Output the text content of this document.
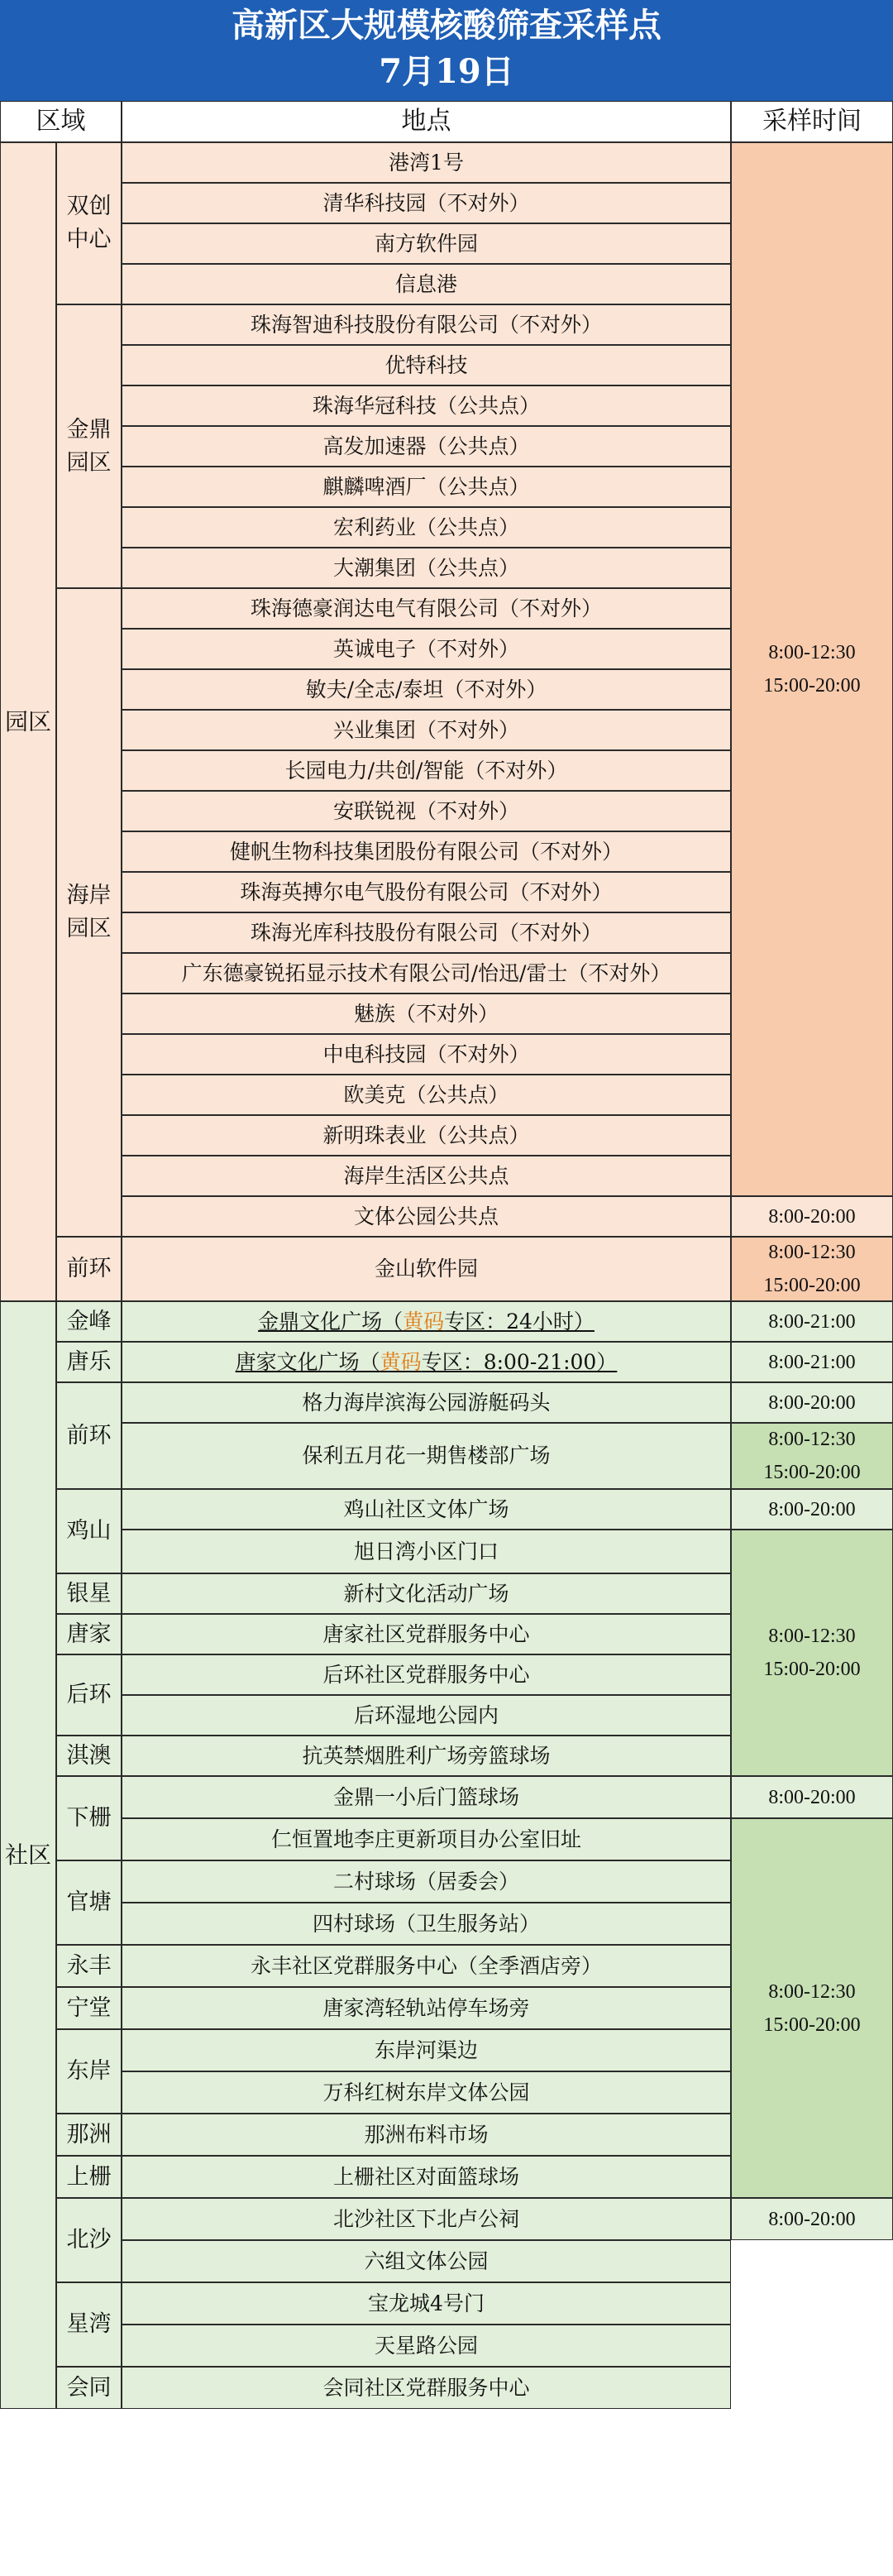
高新区大规模核酸筛查采样点
7月19日
区域	地点	采样时间
港湾1号
清华科技园（不对外）
南方软件园
信息港
双创中心
珠海智迪科技股份有限公司（不对外）
优特科技
珠海华冠科技（公共点）
高发加速器（公共点）
麒麟啤酒厂（公共点）
宏利药业（公共点）
大潮集团（公共点）
金鼎园区
珠海德豪润达电气有限公司（不对外）
英诚电子（不对外）
敏夫/全志/泰坦（不对外）
兴业集团（不对外）
长园电力/共创/智能（不对外）
安联锐视（不对外）
健帆生物科技集团股份有限公司（不对外）
珠海英搏尔电气股份有限公司（不对外）
珠海光库科技股份有限公司（不对外）
广东德豪锐拓显示技术有限公司/怡迅/雷士（不对外）
魅族（不对外）
中电科技园（不对外）
欧美克（公共点）
新明珠表业（公共点）
海岸生活区公共点
文体公园公共点
海岸园区
金山软件园
前环
园区
8:00-12:30
15:00-20:00
8:00-20:00
8:00-12:30
15:00-20:00
金鼎文化广场（ 黄码 专区：24小时）
金峰
唐家文化广场（ 黄码 专区：8:00-21:00）
唐乐
格力海岸滨海公园游艇码头
保利五月花一期售楼部广场
前环
鸡山社区文体广场
旭日湾小区门口
鸡山
新村文化活动广场
银星
唐家社区党群服务中心
唐家
后环社区党群服务中心
后环湿地公园内
后环
抗英禁烟胜利广场旁篮球场
淇澳
金鼎一小后门篮球场
仁恒置地李庄更新项目办公室旧址
下栅
二村球场（居委会）
四村球场（卫生服务站）
官塘
永丰社区党群服务中心（全季酒店旁）
永丰
唐家湾轻轨站停车场旁
宁堂
东岸河渠边
万科红树东岸文体公园
东岸
那洲布料市场
那洲
上栅社区对面篮球场
上栅
北沙社区下北卢公祠
六组文体公园
北沙
宝龙城4号门
天星路公园
星湾
会同社区党群服务中心
会同
社区
8:00-21:00
8:00-21:00
8:00-20:00
8:00-12:30
15:00-20:00
8:00-20:00
8:00-12:30
15:00-20:00
8:00-20:00
8:00-12:30
15:00-20:00
8:00-20:00
